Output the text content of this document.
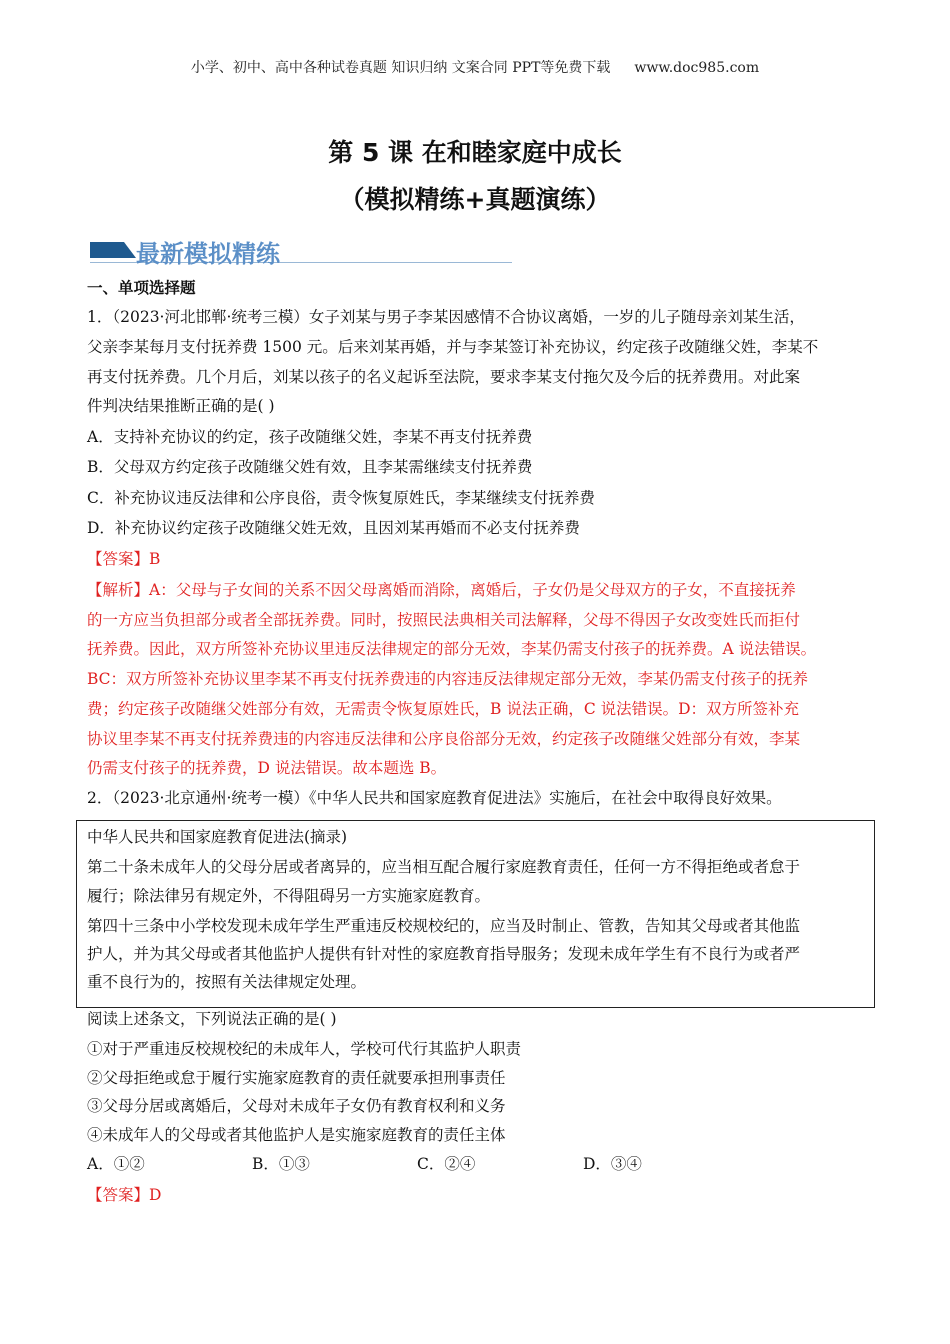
小学、初中、高中各种试卷真题 知识归纳 文案合同 PPT等免费下载 www.doc985.com
第 5 课 在和睦家庭中成长
（模拟精练+真题演练）
最新模拟精练
一、单项选择题
1．（2023·河北邯郸·统考三模）女子刘某与男子李某因感情不合协议离婚，一岁的儿子随母亲刘某生活，
父亲李某每月支付抚养费 1500 元。后来刘某再婚，并与李某签订补充协议，约定孩子改随继父姓，李某不
再支付抚养费。几个月后，刘某以孩子的名义起诉至法院，要求李某支付拖欠及今后的抚养费用。对此案
件判决结果推断正确的是( )
A．支持补充协议的约定，孩子改随继父姓，李某不再支付抚养费
B．父母双方约定孩子改随继父姓有效，且李某需继续支付抚养费
C．补充协议违反法律和公序良俗，责令恢复原姓氏，李某继续支付抚养费
D．补充协议约定孩子改随继父姓无效，且因刘某再婚而不必支付抚养费
【答案】B
【解析】A：父母与子女间的关系不因父母离婚而消除，离婚后，子女仍是父母双方的子女，不直接抚养
的一方应当负担部分或者全部抚养费。同时，按照民法典相关司法解释，父母不得因子女改变姓氏而拒付
抚养费。因此，双方所签补充协议里违反法律规定的部分无效，李某仍需支付孩子的抚养费。A 说法错误。
BC：双方所签补充协议里李某不再支付抚养费违的内容违反法律规定部分无效，李某仍需支付孩子的抚养
费；约定孩子改随继父姓部分有效，无需责令恢复原姓氏，B 说法正确，C 说法错误。D：双方所签补充
协议里李某不再支付抚养费违的内容违反法律和公序良俗部分无效，约定孩子改随继父姓部分有效，李某
仍需支付孩子的抚养费，D 说法错误。故本题选 B。
2．（2023·北京通州·统考一模）《中华人民共和国家庭教育促进法》实施后，在社会中取得良好效果。
中华人民共和国家庭教育促进法(摘录)
第二十条未成年人的父母分居或者离异的，应当相互配合履行家庭教育责任，任何一方不得拒绝或者怠于
履行；除法律另有规定外，不得阻碍另一方实施家庭教育。
第四十三条中小学校发现未成年学生严重违反校规校纪的，应当及时制止、管教，告知其父母或者其他监
护人，并为其父母或者其他监护人提供有针对性的家庭教育指导服务；发现未成年学生有不良行为或者严
重不良行为的，按照有关法律规定处理。
阅读上述条文，下列说法正确的是( )
①对于严重违反校规校纪的未成年人，学校可代行其监护人职责
②父母拒绝或怠于履行实施家庭教育的责任就要承担刑事责任
③父母分居或离婚后，父母对未成年子女仍有教育权利和义务
④未成年人的父母或者其他监护人是实施家庭教育的责任主体
A．①②	B．①③	C．②④	D．③④
【答案】D
